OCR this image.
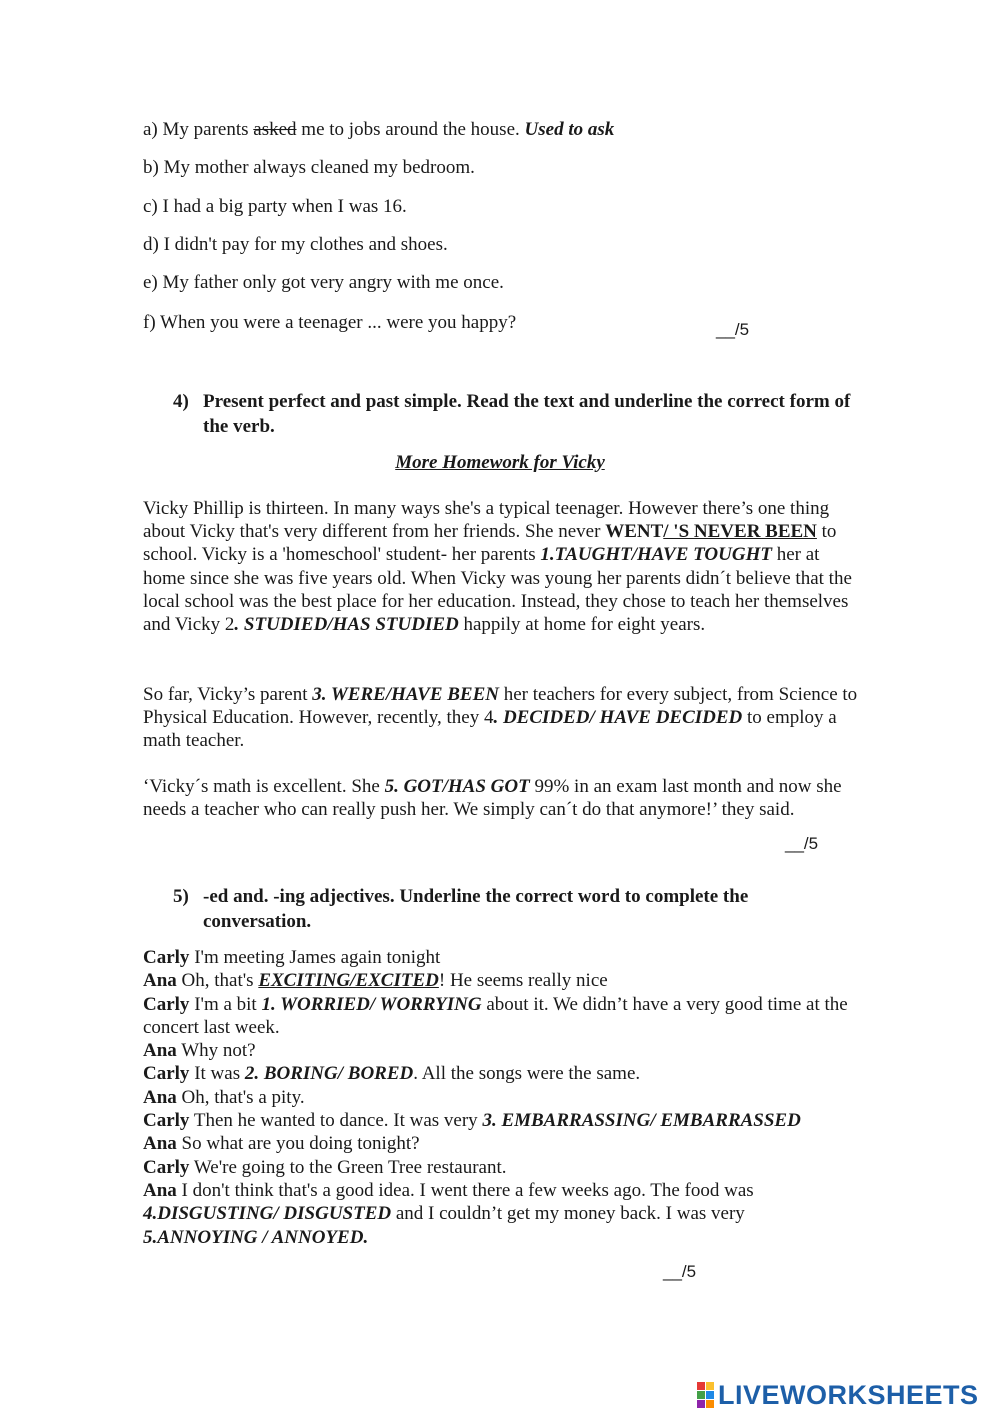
a) My parents asked me to jobs around the house. Used to ask
b) My mother always cleaned my bedroom.
c) I had a big party when I was 16.
d) I didn't pay for my clothes and shoes.
e) My father only got very angry with me once.
f) When you were a teenager ... were you happy?	__/5
4) Present perfect and past simple. Read the text and underline the correct form of the verb.
More Homework for Vicky
Vicky Phillip is thirteen. In many ways she's a typical teenager. However there’s one thing about Vicky that's very different from her friends. She never WENT/ 'S NEVER BEEN to school. Vicky is a 'homeschool' student- her parents 1.TAUGHT/HAVE TOUGHT her at home since she was five years old. When Vicky was young her parents didn´t believe that the local school was the best place for her education. Instead, they chose to teach her themselves and Vicky 2. STUDIED/HAS STUDIED happily at home for eight years.
So far, Vicky’s parent 3. WERE/HAVE BEEN her teachers for every subject, from Science to Physical Education. However, recently, they 4. DECIDED/ HAVE DECIDED to employ a math teacher.
‘Vicky´s math is excellent. She 5. GOT/HAS GOT 99% in an exam last month and now she needs a teacher who can really push her. We simply can´t do that anymore!’ they said.
__/5
5) -ed and. -ing adjectives. Underline the correct word to complete the conversation.
Carly I'm meeting James again tonight
Ana Oh, that's EXCITING/EXCITED! He seems really nice
Carly I'm a bit 1. WORRIED/ WORRYING about it. We didn’t have a very good time at the concert last week.
Ana Why not?
Carly It was 2. BORING/ BORED. All the songs were the same.
Ana Oh, that's a pity.
Carly Then he wanted to dance. It was very 3. EMBARRASSING/ EMBARRASSED
Ana So what are you doing tonight?
Carly We're going to the Green Tree restaurant.
Ana I don't think that's a good idea. I went there a few weeks ago. The food was 4.DISGUSTING/ DISGUSTED and I couldn’t get my money back. I was very 5.ANNOYING / ANNOYED.
__/5
LIVEWORKSHEETS
